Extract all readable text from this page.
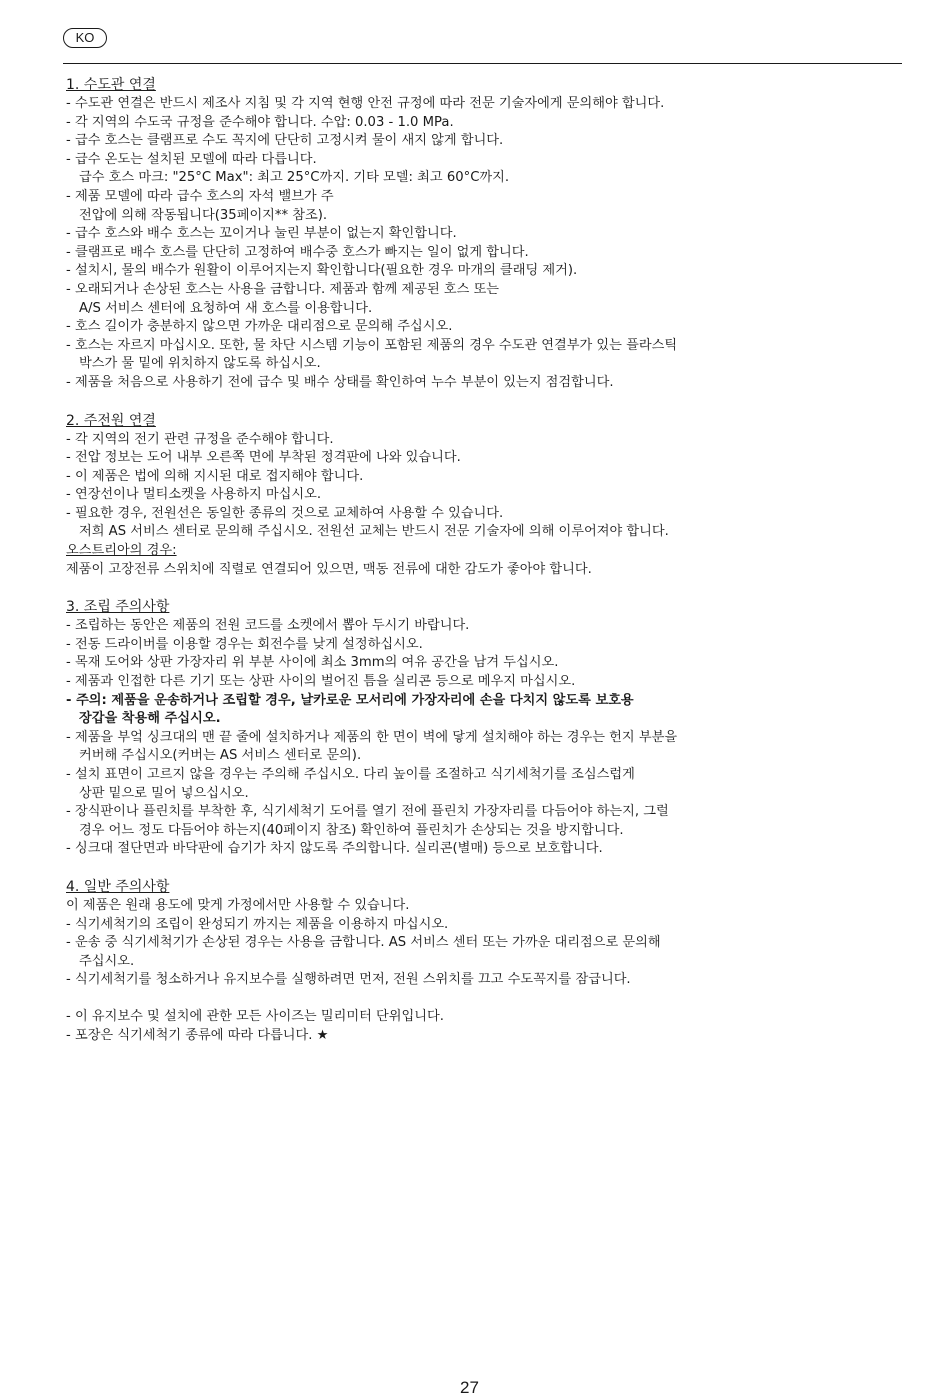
KO

1. 수도관 연결

- 수도관 연결은 반드시 제조사 지침 및 각 지역 현행 안전 규정에 따라 전문 기술자에게 문의해야 합니다.

- 각 지역의 수도국 규정을 준수해야 합니다. 수압: 0.03 - 1.0 MPa.

- 급수 호스는 클램프로 수도 꼭지에 단단히 고정시켜 물이 새지 않게 합니다.

- 급수 온도는 설치된 모델에 따라 다릅니다.

급수 호스 마크: "25°C Max": 최고 25°C까지. 기타 모델: 최고 60°C까지.

- 제품 모델에 따라 급수 호스의 자석 밸브가 주

전압에 의해 작동됩니다(35페이지** 참조).

- 급수 호스와 배수 호스는 꼬이거나 눌린 부분이 없는지 확인합니다.

- 클램프로 배수 호스를 단단히 고정하여 배수중 호스가 빠지는 일이 없게 합니다.

- 설치시, 물의 배수가 원활이 이루어지는지 확인합니다(필요한 경우 마개의 클래딩 제거).

- 오래되거나 손상된 호스는 사용을 금합니다. 제품과 함께 제공된 호스 또는

A/S 서비스 센터에 요청하여 새 호스를 이용합니다.

- 호스 길이가 충분하지 않으면 가까운 대리점으로 문의해 주십시오.

- 호스는 자르지 마십시오. 또한, 물 차단 시스템 기능이 포함된 제품의 경우 수도관 연결부가 있는 플라스틱

박스가 물 밑에 위치하지 않도록 하십시오.

- 제품을 처음으로 사용하기 전에 급수 및 배수 상태를 확인하여 누수 부분이 있는지 점검합니다.

2. 주전원 연결

- 각 지역의 전기 관련 규정을 준수해야 합니다.

- 전압 정보는 도어 내부 오른쪽 면에 부착된 정격판에 나와 있습니다.

- 이 제품은 법에 의해 지시된 대로 접지해야 합니다.

- 연장선이나 멀티소켓을 사용하지 마십시오.

- 필요한 경우, 전원선은 동일한 종류의 것으로 교체하여 사용할 수 있습니다.

저희 AS 서비스 센터로 문의해 주십시오. 전원선 교체는 반드시 전문 기술자에 의해 이루어져야 합니다.

오스트리아의 경우:

제품이 고장전류 스위치에 직렬로 연결되어 있으면, 맥동 전류에 대한 감도가 좋아야 합니다.

3. 조립 주의사항

- 조립하는 동안은 제품의 전원 코드를 소켓에서 뽑아 두시기 바랍니다.

- 전동 드라이버를 이용할 경우는 회전수를 낮게 설정하십시오.

- 목재 도어와 상판 가장자리 위 부분 사이에 최소 3mm의 여유 공간을 남겨 두십시오.

- 제품과 인접한 다른 기기 또는 상판 사이의 벌어진 틈을 실리콘 등으로 메우지 마십시오.

- 주의: 제품을 운송하거나 조립할 경우, 날카로운 모서리에 가장자리에 손을 다치지 않도록 보호용

장갑을 착용해 주십시오.

- 제품을 부엌 싱크대의 맨 끝 줄에 설치하거나 제품의 한 면이 벽에 닿게 설치해야 하는 경우는 헌지 부분을

커버해 주십시오(커버는 AS 서비스 센터로 문의).

- 설치 표면이 고르지 않을 경우는 주의해 주십시오. 다리 높이를 조절하고 식기세척기를 조심스럽게

상판 밑으로 밀어 넣으십시오.

- 장식판이나 플린치를 부착한 후, 식기세척기 도어를 열기 전에 플린치 가장자리를 다듬어야 하는지, 그럴

경우 어느 정도 다듬어야 하는지(40페이지 참조) 확인하여 플린치가 손상되는 것을 방지합니다.

- 싱크대 절단면과 바닥판에 습기가 차지 않도록 주의합니다. 실리콘(별매) 등으로 보호합니다.

4. 일반 주의사항

이 제품은 원래 용도에 맞게 가정에서만 사용할 수 있습니다.

- 식기세척기의 조립이 완성되기 까지는 제품을 이용하지 마십시오.

- 운송 중 식기세척기가 손상된 경우는 사용을 금합니다. AS 서비스 센터 또는 가까운 대리점으로 문의해

주십시오.

- 식기세척기를 청소하거나 유지보수를 실행하려면 먼저, 전원 스위치를 끄고 수도꼭지를 잠급니다.

- 이 유지보수 및 설치에 관한 모든 사이즈는 밀리미터 단위입니다.

- 포장은 식기세척기 종류에 따라 다릅니다. ★

27
